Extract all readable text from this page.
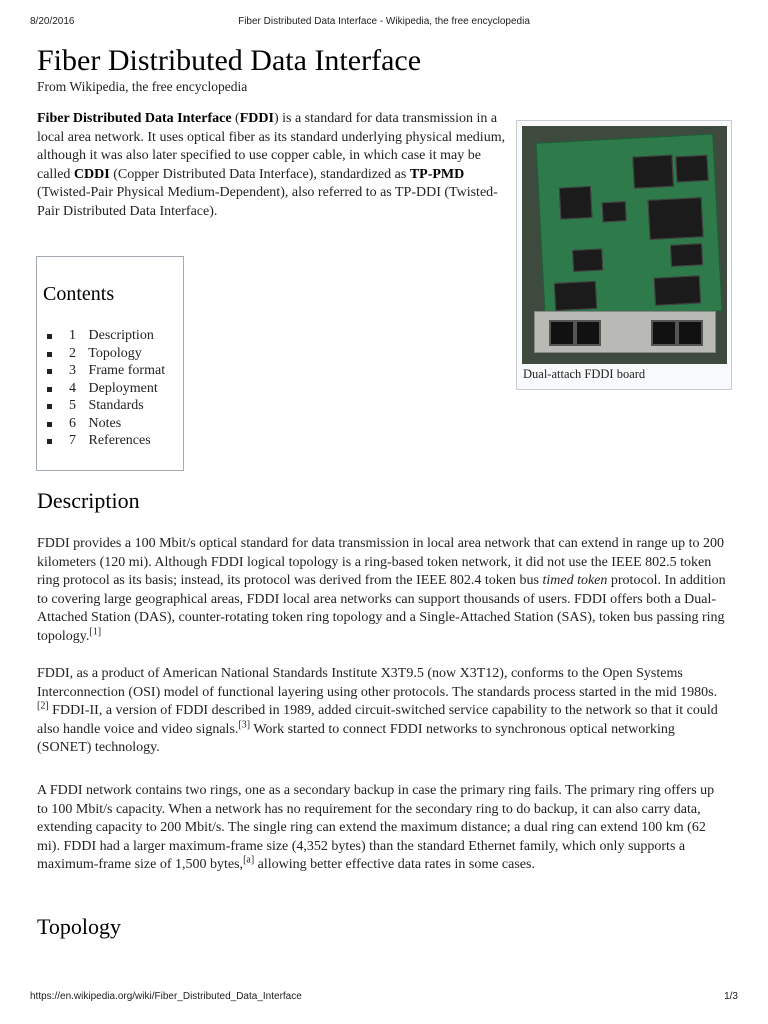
8/20/2016	Fiber Distributed Data Interface - Wikipedia, the free encyclopedia
Fiber Distributed Data Interface
From Wikipedia, the free encyclopedia

Fiber Distributed Data Interface (FDDI) is a standard for data transmission in a local area network. It uses optical fiber as its standard underlying physical medium, although it was also later specified to use copper cable, in which case it may be called CDDI (Copper Distributed Data Interface), standardized as TP-PMD (Twisted-Pair Physical Medium-Dependent), also referred to as TP-DDI (Twisted-Pair Distributed Data Interface).

Dual-attach FDDI board
Contents
1 Description
2 Topology
3 Frame format
4 Deployment
5 Standards
6 Notes
7 References
Description

FDDI provides a 100 Mbit/s optical standard for data transmission in local area network that can extend in range up to 200 kilometers (120 mi). Although FDDI logical topology is a ring-based token network, it did not use the IEEE 802.5 token ring protocol as its basis; instead, its protocol was derived from the IEEE 802.4 token bus timed token protocol. In addition to covering large geographical areas, FDDI local area networks can support thousands of users. FDDI offers both a Dual-Attached Station (DAS), counter-rotating token ring topology and a Single-Attached Station (SAS), token bus passing ring topology.[1]

FDDI, as a product of American National Standards Institute X3T9.5 (now X3T12), conforms to the Open Systems Interconnection (OSI) model of functional layering using other protocols. The standards process started in the mid 1980s.[2] FDDI-II, a version of FDDI described in 1989, added circuit-switched service capability to the network so that it could also handle voice and video signals.[3] Work started to connect FDDI networks to synchronous optical networking (SONET) technology.

A FDDI network contains two rings, one as a secondary backup in case the primary ring fails. The primary ring offers up to 100 Mbit/s capacity. When a network has no requirement for the secondary ring to do backup, it can also carry data, extending capacity to 200 Mbit/s. The single ring can extend the maximum distance; a dual ring can extend 100 km (62 mi). FDDI had a larger maximum-frame size (4,352 bytes) than the standard Ethernet family, which only supports a maximum-frame size of 1,500 bytes,[a] allowing better effective data rates in some cases.

Topology
https://en.wikipedia.org/wiki/Fiber_Distributed_Data_Interface	1/3
